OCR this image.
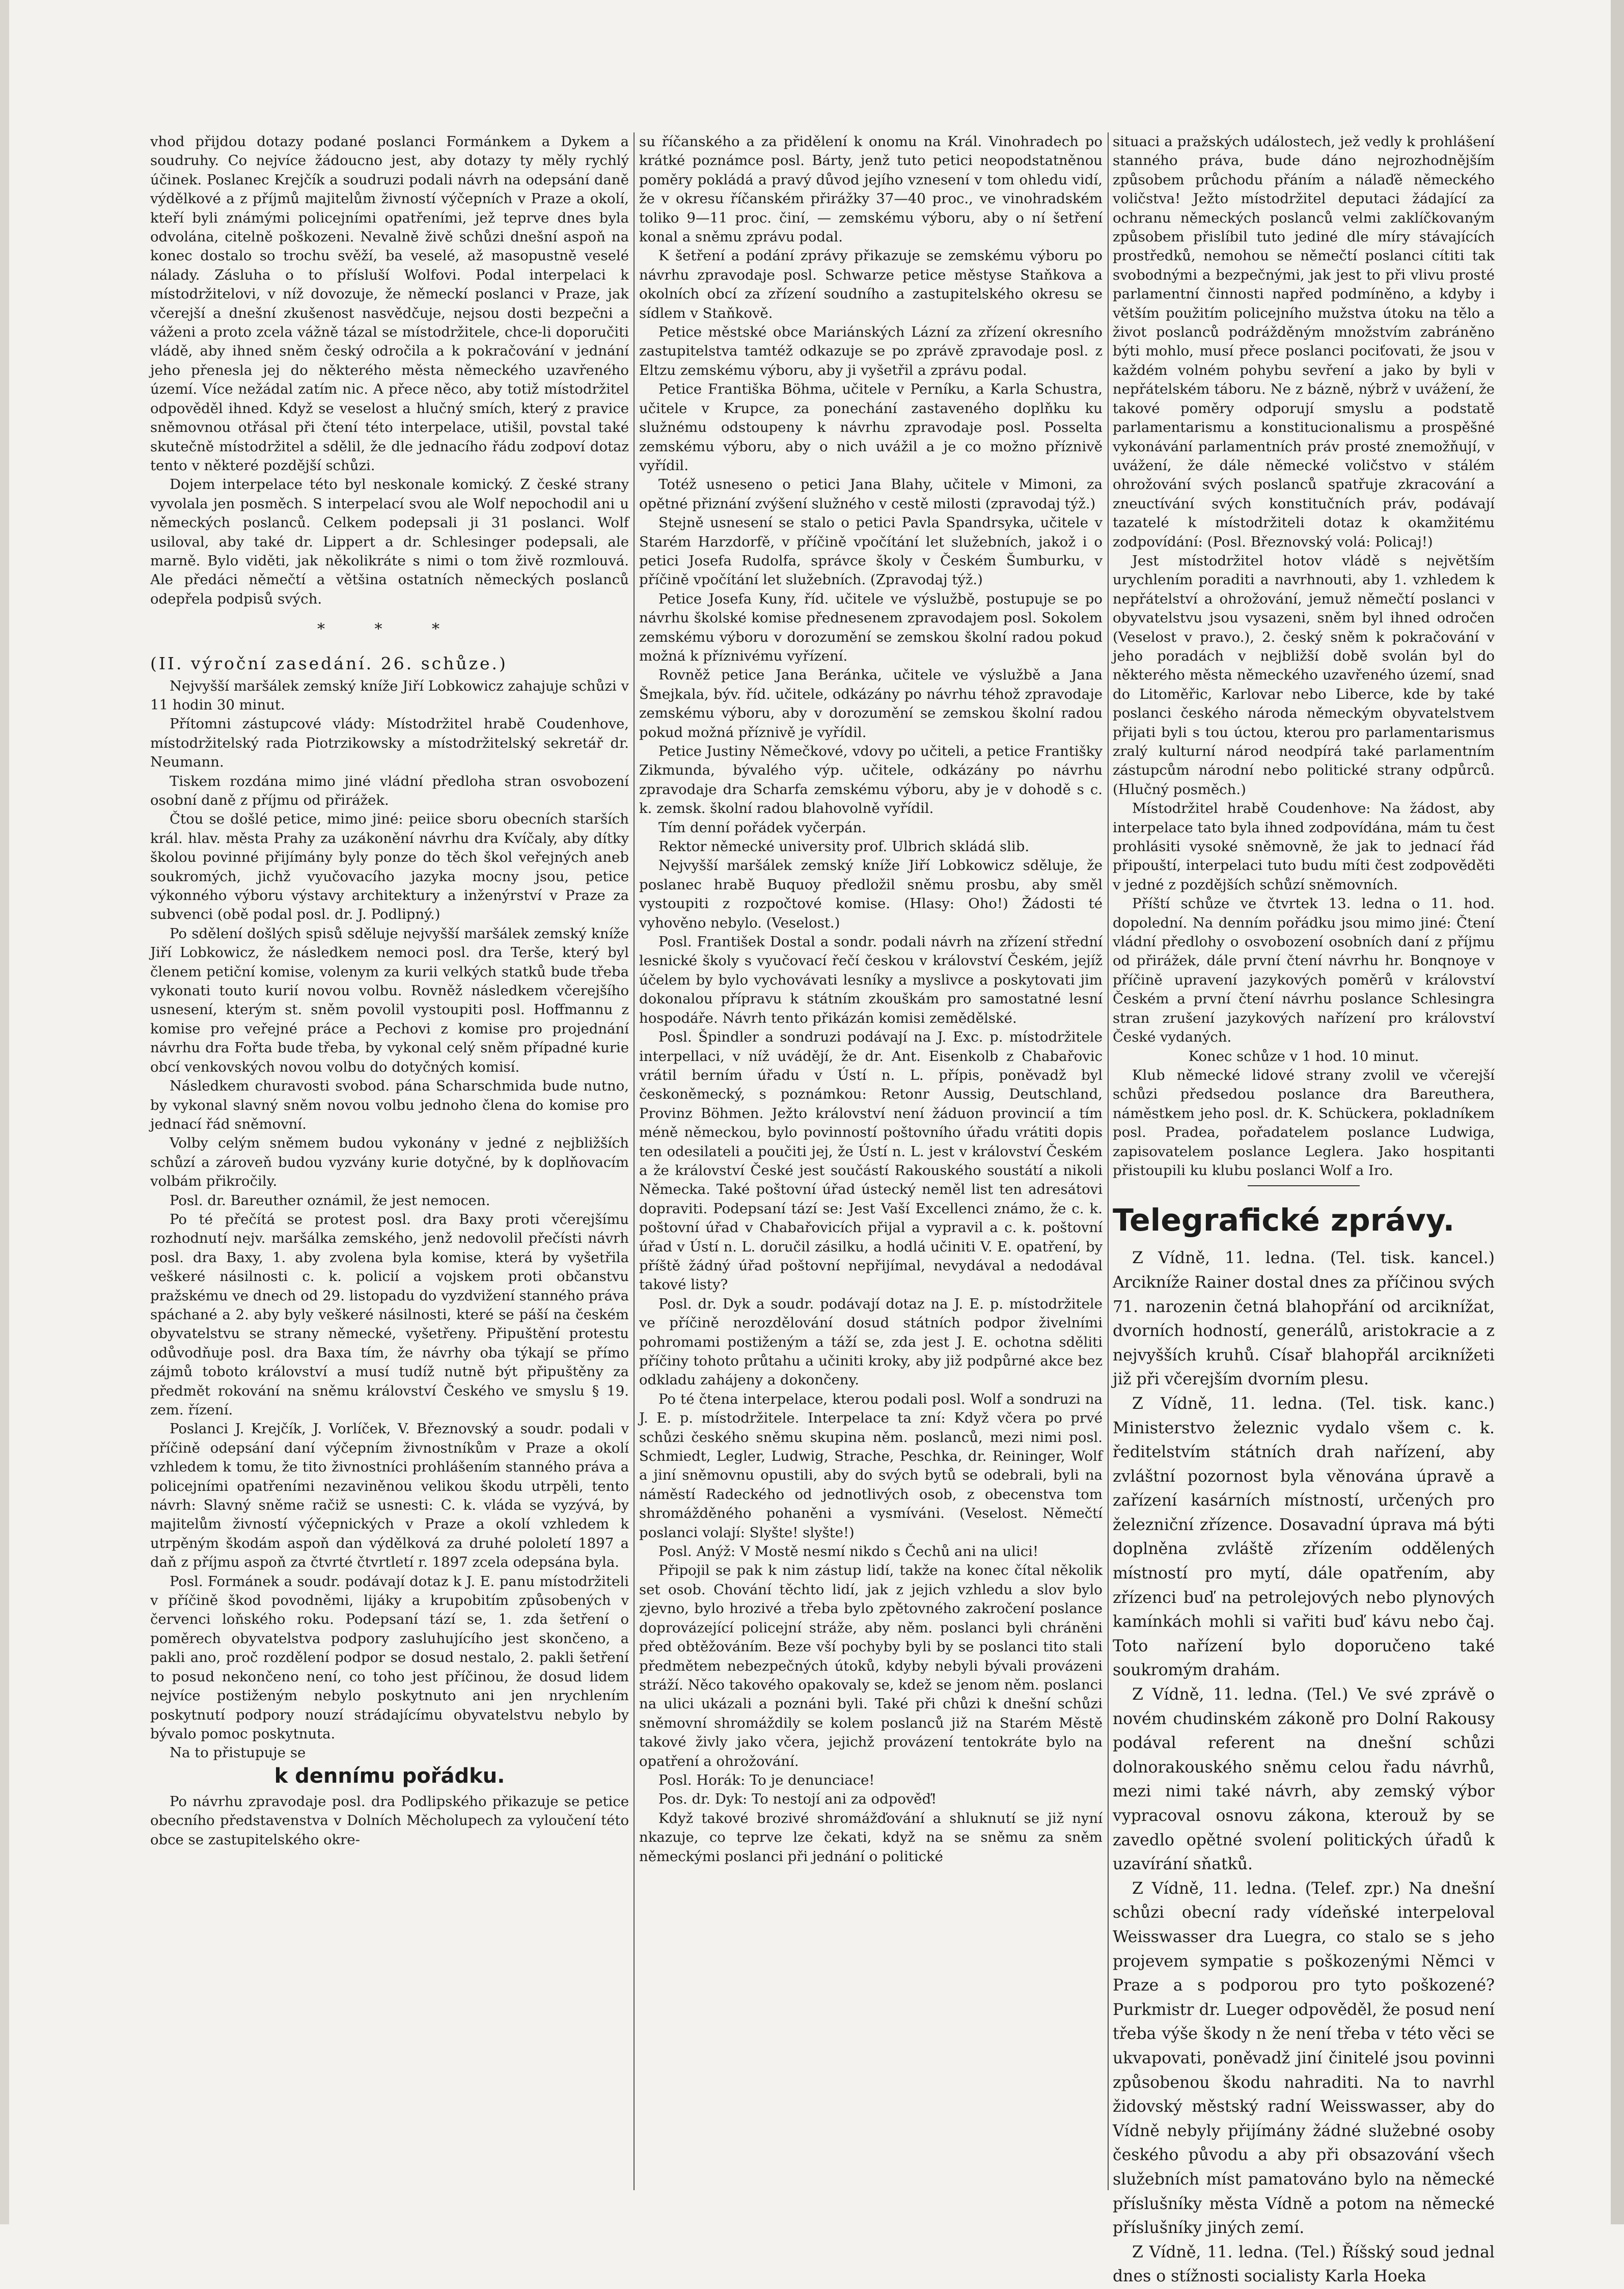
vhod přijdou dotazy podané poslanci Formánkem a Dykem a soudruhy. Co nejvíce žádoucno jest, aby dotazy ty měly rychlý účinek. Poslanec Krejčík a soudruzi podali návrh na odepsání daně výdělkové a z příjmů majitelům živností výčepních v Praze a okolí, kteří byli známými policejními opatřeními, jež teprve dnes byla odvolána, citelně poškozeni. Nevalně živě schůzi dnešní aspoň na konec dostalo so trochu svěží, ba veselé, až masopustně veselé nálady. Zásluha o to přísluší Wolfovi. Podal interpelaci k místodržitelovi, v níž dovozuje, že německí poslanci v Praze, jak včerejší a dnešní zkušenost nasvědčuje, nejsou dosti bezpečni a váženi a proto zcela vážně tázal se místodržitele, chce-li doporučiti vládě, aby ihned sněm český odročila a k pokračování v jednání jeho přenesla jej do některého města německého uzavřeného území. Více nežádal zatím nic. A přece něco, aby totiž místodržitel odpověděl ihned. Když se veselost a hlučný smích, který z pravice sněmovnou otřásal při čtení této interpelace, utišil, povstal také skutečně místodržitel a sdělil, že dle jednacího řádu zodpoví dotaz tento v některé pozdější schůzi.

Dojem interpelace této byl neskonale komický. Z české strany vyvolala jen posměch. S interpelací svou ale Wolf nepochodil ani u německých poslanců. Celkem podepsali ji 31 poslanci. Wolf usiloval, aby také dr. Lippert a dr. Schlesinger podepsali, ale marně. Bylo viděti, jak několikráte s nimi o tom živě rozmlouvá. Ale předáci němečtí a většina ostatních německých poslanců odepřela podpisů svých.

* * *

(II. výroční zasedání. 26. schůze.)

Nejvyšší maršálek zemský kníže Jiří Lobkowicz zahajuje schůzi v 11 hodin 30 minut.

Přítomni zástupcové vlády: Místodržitel hrabě Coudenhove, místodržitelský rada Piotrzikowsky a místodržitelský sekretář dr. Neumann.

Tiskem rozdána mimo jiné vládní předloha stran osvobození osobní daně z příjmu od přirážek.

Čtou se došlé petice, mimo jiné: peiice sboru obecních starších král. hlav. města Prahy za uzákonění návrhu dra Kvíčaly, aby dítky školou povinné přijímány byly ponze do těch škol veřejných aneb soukromých, jichž vyučovacího jazyka mocny jsou, petice výkonného výboru výstavy architektury a inženýrství v Praze za subvenci (obě podal posl. dr. J. Podlipný.)

Po sdělení došlých spisů sděluje nejvyšší maršálek zemský kníže Jiří Lobkowicz, že následkem nemoci posl. dra Terše, který byl členem petiční komise, volenym za kurii velkých statků bude třeba vykonati touto kurií novou volbu. Rovněž následkem včerejšího usnesení, kterým st. sněm povolil vystoupiti posl. Hoffmannu z komise pro veřejné práce a Pechovi z komise pro projednání návrhu dra Fořta bude třeba, by vykonal celý sněm případné kurie obcí venkovských novou volbu do dotyčných komisí.

Následkem churavosti svobod. pána Scharschmida bude nutno, by vykonal slavný sněm novou volbu jednoho člena do komise pro jednací řád sněmovní.

Volby celým sněmem budou vykonány v jedné z nejbližších schůzí a zároveň budou vyzvány kurie dotyčné, by k doplňovacím volbám přikročily.

Posl. dr. Bareuther oznámil, že jest nemocen.

Po té přečítá se protest posl. dra Baxy proti včerejšímu rozhodnutí nejv. maršálka zemského, jenž nedovolil přečísti návrh posl. dra Baxy, 1. aby zvolena byla komise, která by vyšetřila veškeré násilnosti c. k. policií a vojskem proti občanstvu pražskému ve dnech od 29. listopadu do vyzdvižení stanného práva spáchané a 2. aby byly veškeré násilnosti, které se páší na českém obyvatelstvu se strany německé, vyšetřeny. Připuštění protestu odůvodňuje posl. dra Baxa tím, že návrhy oba týkají se přímo zájmů toboto království a musí tudíž nutně být připuštěny za předmět rokování na sněmu království Českého ve smyslu § 19. zem. řízení.

Poslanci J. Krejčík, J. Vorlíček, V. Březnovský a soudr. podali v příčině odepsání daní výčepním živnostníkům v Praze a okolí vzhledem k tomu, že tito živnostníci prohlášením stanného práva a policejními opatřeními nezaviněnou velikou škodu utrpěli, tento návrh: Slavný sněme račiž se usnesti: C. k. vláda se vyzývá, by majitelům živností výčepnických v Praze a okolí vzhledem k utrpěným škodám aspoň dan výdělková za druhé pololetí 1897 a daň z příjmu aspoň za čtvrté čtvrtletí r. 1897 zcela odepsána byla.

Posl. Formánek a soudr. podávají dotaz k J. E. panu místodržiteli v příčině škod povodněmi, lijáky a krupobitím způsobených v červenci loňského roku. Podepsaní tází se, 1. zda šetření o poměrech obyvatelstva podpory zasluhujícího jest skončeno, a pakli ano, proč rozdělení podpor se dosud nestalo, 2. pakli šetření to posud nekončeno není, co toho jest příčinou, že dosud lidem nejvíce postiženým nebylo poskytnuto ani jen nrychlením poskytnutí podpory nouzí strádajícímu obyvatelstvu nebylo by bývalo pomoc poskytnuta.

Na to přistupuje se

k dennímu pořádku.

Po návrhu zpravodaje posl. dra Podlipského přikazuje se petice obecního představenstva v Dolních Měcholupech za vyloučení této obce se zastupitelského okre-

su říčanského a za přidělení k onomu na Král. Vinohradech po krátké poznámce posl. Bárty, jenž tuto petici neopodstatněnou poměry pokládá a pravý důvod jejího vznesení v tom ohledu vidí, že v okresu říčanském přirážky 37—40 proc., ve vinohradském toliko 9—11 proc. činí, — zemskému výboru, aby o ní šetření konal a sněmu zprávu podal.

K šetření a podání zprávy přikazuje se zemskému výboru po návrhu zpravodaje posl. Schwarze petice městyse Staňkova a okolních obcí za zřízení soudního a zastupitelského okresu se sídlem v Staňkově.

Petice městské obce Mariánských Lázní za zřízení okresního zastupitelstva tamtéž odkazuje se po zprávě zpravodaje posl. z Eltzu zemskému výboru, aby ji vyšetřil a zprávu podal.

Petice Františka Böhma, učitele v Perníku, a Karla Schustra, učitele v Krupce, za ponechání zastaveného doplňku ku služnému odstoupeny k návrhu zpravodaje posl. Posselta zemskému výboru, aby o nich uvážil a je co možno příznivě vyřídil.

Totéž usneseno o petici Jana Blahy, učitele v Mimoni, za opětné přiznání zvýšení služného v cestě milosti (zpravodaj týž.)

Stejně usnesení se stalo o petici Pavla Spandrsyka, učitele v Starém Harzdorfě, v příčině vpočítání let služebních, jakož i o petici Josefa Rudolfa, správce školy v Českém Šumburku, v příčině vpočítání let služebních. (Zpravodaj týž.)

Petice Josefa Kuny, říd. učitele ve výslužbě, postupuje se po návrhu školské komise přednesenem zpravodajem posl. Sokolem zemskému výboru v dorozumění se zemskou školní radou pokud možná k příznivému vyřízení.

Rovněž petice Jana Beránka, učitele ve výslužbě a Jana Šmejkala, býv. říd. učitele, odkázány po návrhu téhož zpravodaje zemskému výboru, aby v dorozumění se zemskou školní radou pokud možná příznivě je vyřídil.

Petice Justiny Němečkové, vdovy po učiteli, a petice Františky Zikmunda, bývalého výp. učitele, odkázány po návrhu zpravodaje dra Scharfa zemskému výboru, aby je v dohodě s c. k. zemsk. školní radou blahovolně vyřídil.

Tím denní pořádek vyčerpán.

Rektor německé university prof. Ulbrich skládá slib.

Nejvyšší maršálek zemský kníže Jiří Lobkowicz sděluje, že poslanec hrabě Buquoy předložil sněmu prosbu, aby směl vystoupiti z rozpočtové komise. (Hlasy: Oho!) Žádosti té vyhověno nebylo. (Veselost.)

Posl. František Dostal a sondr. podali návrh na zřízení střední lesnické školy s vyučovací řečí českou v království Českém, jejíž účelem by bylo vychovávati lesníky a myslivce a poskytovati jim dokonalou přípravu k státním zkouškám pro samostatné lesní hospodáře. Návrh tento přikázán komisi zemědělské.

Posl. Špindler a sondruzi podávají na J. Exc. p. místodržitele interpellaci, v níž uvádějí, že dr. Ant. Eisenkolb z Chabařovic vrátil berním úřadu v Ústí n. L. přípis, poněvadž byl českoněmecký, s poznámkou: Retonr Aussig, Deutschland, Provinz Böhmen. Ježto království není žáduon provincií a tím méně německou, bylo povinností poštovního úřadu vrátiti dopis ten odesilateli a poučiti jej, že Ústí n. L. jest v království Českém a že království České jest součástí Rakouského soustátí a nikoli Německa. Také poštovní úřad ústecký neměl list ten adresátovi dopraviti. Podepsaní tází se: Jest Vaší Excellenci známo, že c. k. poštovní úřad v Chabařovicích přijal a vypravil a c. k. poštovní úřad v Ústí n. L. doručil zásilku, a hodlá učiniti V. E. opatření, by příště žádný úřad poštovní nepřijímal, nevydával a nedodával takové listy?

Posl. dr. Dyk a soudr. podávají dotaz na J. E. p. místodržitele ve příčině nerozdělování dosud státních podpor živelními pohromami postiženým a táží se, zda jest J. E. ochotna sděliti příčiny tohoto průtahu a učiniti kroky, aby již podpůrné akce bez odkladu zahájeny a dokončeny.

Po té čtena interpelace, kterou podali posl. Wolf a sondruzi na J. E. p. místodržitele. Interpelace ta zní: Když včera po prvé schůzi českého sněmu skupina něm. poslanců, mezi nimi posl. Schmiedt, Legler, Ludwig, Strache, Peschka, dr. Reininger, Wolf a jiní sněmovnu opustili, aby do svých bytů se odebrali, byli na náměstí Radeckého od jednotlivých osob, z obecenstva tom shromážděného pohaněni a vysmíváni. (Veselost. Němečtí poslanci volají: Slyšte! slyšte!)

Posl. Anýž: V Mostě nesmí nikdo s Čechů ani na ulici!

Připojil se pak k nim zástup lidí, takže na konec čítal několik set osob. Chování těchto lidí, jak z jejich vzhledu a slov bylo zjevno, bylo hrozivé a třeba bylo zpětovného zakročení poslance doprovázející policejní stráže, aby něm. poslanci byli chráněni před obtěžováním. Beze vší pochyby byli by se poslanci tito stali předmětem nebezpečných útoků, kdyby nebyli bývali provázeni stráží. Něco takového opakovaly se, kdež se jenom něm. poslanci na ulici ukázali a poznáni byli. Také při chůzi k dnešní schůzi sněmovní shromáždily se kolem poslanců již na Starém Městě takové živly jako včera, jejichž provázení tentokráte bylo na opatření a ohrožování.

Posl. Horák: To je denunciace!

Pos. dr. Dyk: To nestojí ani za odpověď!

Když takové brozivé shromážďování a shluknutí se již nyní nkazuje, co teprve lze čekati, když na se sněmu za sněm německými poslanci při jednání o politické

situaci a pražských událostech, jež vedly k prohlášení stanného práva, bude dáno nejrozhodnějším způsobem průchodu přáním a nálaďě německého voličstva! Ježto místodržitel deputaci žádající za ochranu německých poslanců velmi zaklíčkovaným způsobem přislíbil tuto jediné dle míry stávajících prostředků, nemohou se němečtí poslanci cítiti tak svobodnými a bezpečnými, jak jest to při vlivu prosté parlamentní činnosti napřed podmíněno, a kdyby i větším použitím policejního mužstva útoku na tělo a život poslanců podrážděným množstvím zabráněno býti mohlo, musí přece poslanci pociťovati, že jsou v každém volném pohybu sevření a jako by byli v nepřátelském táboru. Ne z bázně, nýbrž v uvážení, že takové poměry odporují smyslu a podstatě parlamentarismu a konstitucionalismu a prospěšné vykonávání parlamentních práv prosté znemožňují, v uvážení, že dále německé voličstvo v stálém ohrožování svých poslanců spatřuje zkracování a zneuctívání svých konstitučních práv, podávají tazatelé k místodržiteli dotaz k okamžitému zodpovídání: (Posl. Březnovský volá: Policaj!)

Jest místodržitel hotov vládě s největším urychlením poraditi a navrhnouti, aby 1. vzhledem k nepřátelství a ohrožování, jemuž němečtí poslanci v obyvatelstvu jsou vysazeni, sněm byl ihned odročen (Veselost v pravo.), 2. český sněm k pokračování v jeho poradách v nejbližší době svolán byl do některého města německého uzavřeného území, snad do Litoměřic, Karlovar nebo Liberce, kde by také poslanci českého národa německým obyvatelstvem přijati byli s tou úctou, kterou pro parlamentarismus zralý kulturní národ neodpírá také parlamentním zástupcům národní nebo politické strany odpůrců. (Hlučný posměch.)

Místodržitel hrabě Coudenhove: Na žádost, aby interpelace tato byla ihned zodpovídána, mám tu čest prohlásiti vysoké sněmovně, že jak to jednací řád připouští, interpelaci tuto budu míti čest zodpověděti v jedné z pozdějších schůzí sněmovních.

Příští schůze ve čtvrtek 13. ledna o 11. hod. dopolední. Na denním pořádku jsou mimo jiné: Čtení vládní předlohy o osvobození osobních daní z příjmu od přirážek, dále první čtení návrhu hr. Bonqnoye v příčině upravení jazykových poměrů v království Českém a první čtení návrhu poslance Schlesingra stran zrušení jazykových nařízení pro království České vydaných.

Konec schůze v 1 hod. 10 minut.

Klub německé lidové strany zvolil ve včerejší schůzi předsedou poslance dra Bareuthera, náměstkem jeho posl. dr. K. Schückera, pokladníkem posl. Pradea, pořadatelem poslance Ludwiga, zapisovatelem poslance Leglera. Jako hospitanti přistoupili ku klubu poslanci Wolf a Iro.

Telegrafické zprávy.

Z Vídně, 11. ledna. (Tel. tisk. kancel.) Arciknížе Rainer dostal dnes za příčinou svých 71. narozenin četná blahopřání od arciknížat, dvorních hodností, generálů, aristokracie a z nejvyšších kruhů. Císař blahopřál arciknížeti již při včerejším dvorním plesu.

Z Vídně, 11. ledna. (Tel. tisk. kanc.) Ministerstvo železnic vydalo všem c. k. ředitelstvím státních drah nařízení, aby zvláštní pozornost byla věnována úpravě a zařízení kasárních místností, určených pro železniční zřízence. Dosavadní úprava má býti doplněna zvláště zřízením oddělených místností pro mytí, dále opatřením, aby zřízenci buď na petrolejových nebo plynových kamínkách mohli si vařiti buď kávu nebo čaj. Toto nařízení bylo doporučeno také soukromým drahám.

Z Vídně, 11. ledna. (Tel.) Ve své zprávě o novém chudinském zákoně pro Dolní Rakousy podával referent na dnešní schůzi dolnorakouského sněmu celou řadu návrhů, mezi nimi také návrh, aby zemský výbor vypracoval osnovu zákona, kterouž by se zavedlo opětné svolení politických úřadů k uzavírání sňatků.

Z Vídně, 11. ledna. (Telef. zpr.) Na dnešní schůzi obecní rady vídeňské interpeloval Weisswasser dra Luegra, co stalo se s jeho projevem sympatie s poškozenými Němci v Praze a s podporou pro tyto poškozené? Purkmistr dr. Lueger odpověděl, že posud není třeba výše škody n že není třeba v této věci se ukvapovati, poněvadž jiní činitelé jsou povinni způsobenou škodu nahraditi. Na to navrhl židovský městský radní Weisswasser, aby do Vídně nebyly přijímány žádné služebné osoby českého původu a aby při obsazování všech služebních míst pamatováno bylo na německé příslušníky města Vídně a potom na německé příslušníky jiných zemí.

Z Vídně, 11. ledna. (Tel.) Říšský soud jednal dnes o stížnosti socialisty Karla Hoeka
